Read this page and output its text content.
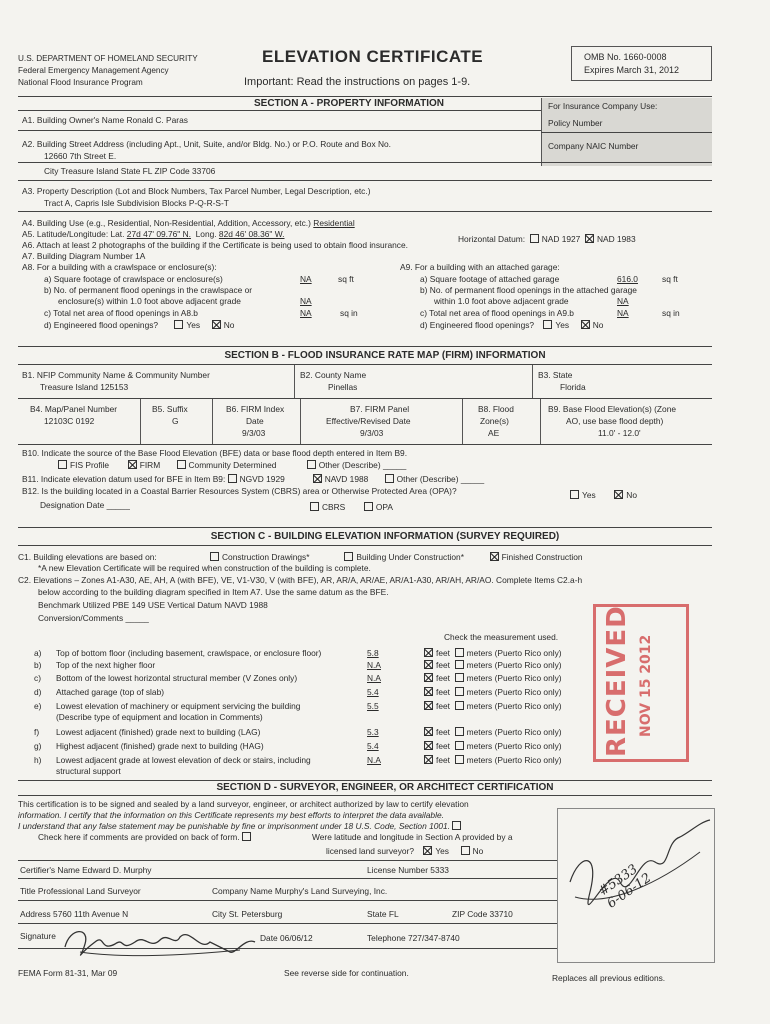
U.S. DEPARTMENT OF HOMELAND SECURITY
Federal Emergency Management Agency
National Flood Insurance Program
ELEVATION CERTIFICATE
Important: Read the instructions on pages 1-9.
OMB No. 1660-0008
Expires March 31, 2012
SECTION A - PROPERTY INFORMATION	For Insurance Company Use:
Policy Number
Company NAIC Number
A1. Building Owner's Name Ronald C. Paras
A2. Building Street Address (including Apt., Unit, Suite, and/or Bldg. No.) or P.O. Route and Box No.
12660 7th Street E.
City Treasure Island State FL ZIP Code 33706
A3. Property Description (Lot and Block Numbers, Tax Parcel Number, Legal Description, etc.)
Tract A, Capris Isle Subdivision Blocks P-Q-R-S-T
A4. Building Use (e.g., Residential, Non-Residential, Addition, Accessory, etc.) Residential
A5. Latitude/Longitude: Lat. 27d 47' 09.76" N. Long. 82d 46' 08.36" W.	Horizontal Datum: NAD 1927 NAD 1983
A6. Attach at least 2 photographs of the building if the Certificate is being used to obtain flood insurance.
A7. Building Diagram Number 1A
A8. For a building with a crawlspace or enclosure(s):
a) Square footage of crawlspace or enclosure(s)	NA	sq ft
b) No. of permanent flood openings in the crawlspace or
enclosure(s) within 1.0 foot above adjacent grade	NA
c) Total net area of flood openings in A8.b	NA	sq in
d) Engineered flood openings?	Yes	No
A9. For a building with an attached garage:
a) Square footage of attached garage	616.0	sq ft
b) No. of permanent flood openings in the attached garage
within 1.0 foot above adjacent grade	NA
c) Total net area of flood openings in A9.b	NA	sq in
d) Engineered flood openings?	Yes	No
SECTION B - FLOOD INSURANCE RATE MAP (FIRM) INFORMATION
B1. NFIP Community Name & Community Number
Treasure Island 125153
B2. County Name
Pinellas
B3. State
Florida
B4. Map/Panel Number
12103C 0192
B5. Suffix
G
B6. FIRM Index
Date
9/3/03
B7. FIRM Panel
Effective/Revised Date
9/3/03
B8. Flood
Zone(s)
AE
B9. Base Flood Elevation(s) (Zone
AO, use base flood depth)
11.0' - 12.0'
B10. Indicate the source of the Base Flood Elevation (BFE) data or base flood depth entered in Item B9.
FIS Profile	FIRM	Community Determined	Other (Describe) _____
B11. Indicate elevation datum used for BFE in Item B9: NGVD 1929	NAVD 1988	Other (Describe) _____
B12. Is the building located in a Coastal Barrier Resources System (CBRS) area or Otherwise Protected Area (OPA)?	Yes	No
Designation Date _____	CBRS	OPA
SECTION C - BUILDING ELEVATION INFORMATION (SURVEY REQUIRED)
C1. Building elevations are based on:	Construction Drawings*	Building Under Construction*	Finished Construction
*A new Elevation Certificate will be required when construction of the building is complete.
C2. Elevations – Zones A1-A30, AE, AH, A (with BFE), VE, V1-V30, V (with BFE), AR, AR/A, AR/AE, AR/A1-A30, AR/AH, AR/AO. Complete Items C2.a-h
below according to the building diagram specified in Item A7. Use the same datum as the BFE.
Benchmark Utilized PBE 149 USE Vertical Datum NAVD 1988
Conversion/Comments _____
Check the measurement used.
a) Top of bottom floor (including basement, crawlspace, or enclosure floor)	5.8	feet meters (Puerto Rico only)
b) Top of the next higher floor	N.A	feet meters (Puerto Rico only)
c) Bottom of the lowest horizontal structural member (V Zones only)	N.A	feet meters (Puerto Rico only)
d) Attached garage (top of slab)	5.4	feet meters (Puerto Rico only)
e) Lowest elevation of machinery or equipment servicing the building	5.5	feet meters (Puerto Rico only)
f) Lowest adjacent (finished) grade next to building (LAG)	5.3	feet meters (Puerto Rico only)
g) Highest adjacent (finished) grade next to building (HAG)	5.4	feet meters (Puerto Rico only)
h) Lowest adjacent grade at lowest elevation of deck or stairs, including	N.A	feet meters (Puerto Rico only)
(Describe type of equipment and location in Comments)
structural support
RECEIVED NOV 15 2012
SECTION D - SURVEYOR, ENGINEER, OR ARCHITECT CERTIFICATION
This certification is to be signed and sealed by a land surveyor, engineer, or architect authorized by law to certify elevation
information. I certify that the information on this Certificate represents my best efforts to interpret the data available.
I understand that any false statement may be punishable by fine or imprisonment under 18 U.S. Code, Section 1001.
Check here if comments are provided on back of form.	Were latitude and longitude in Section A provided by a
licensed land surveyor?	Yes	No
Certifier's Name Edward D. Murphy	License Number 5333
Title Professional Land Surveyor	Company Name Murphy's Land Surveying, Inc.
Address 5760 11th Avenue N	City St. Petersburg	State FL	ZIP Code 33710
Signature	Date 06/06/12	Telephone 727/347-8740
#5333
6-06-12
FEMA Form 81-31, Mar 09	See reverse side for continuation.	Replaces all previous editions.
